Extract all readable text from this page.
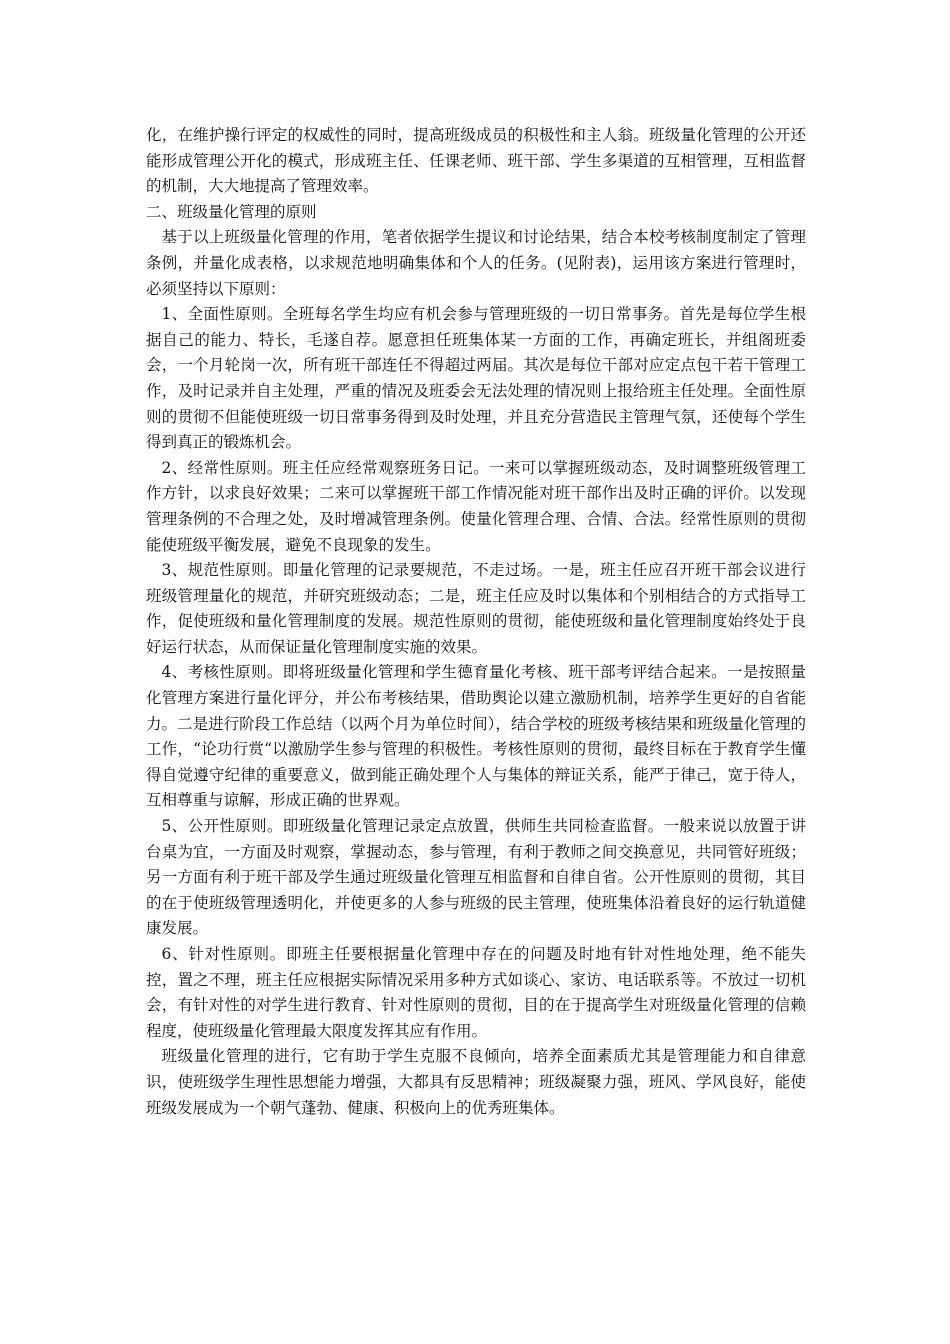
化，在维护操行评定的权威性的同时，提高班级成员的积极性和主人翁。班级量化管理的公开还能形成管理公开化的模式，形成班主任、任课老师、班干部、学生多渠道的互相管理，互相监督的机制，大大地提高了管理效率。

二、班级量化管理的原则

基于以上班级量化管理的作用，笔者依据学生提议和讨论结果，结合本校考核制度制定了管理条例，并量化成表格，以求规范地明确集体和个人的任务。(见附表)，运用该方案进行管理时，必须坚持以下原则：

1、全面性原则。全班每名学生均应有机会参与管理班级的一切日常事务。首先是每位学生根据自己的能力、特长，毛遂自荐。愿意担任班集体某一方面的工作，再确定班长，并组阁班委会，一个月轮岗一次，所有班干部连任不得超过两届。其次是每位干部对应定点包干若干管理工作，及时记录并自主处理，严重的情况及班委会无法处理的情况则上报给班主任处理。全面性原则的贯彻不但能使班级一切日常事务得到及时处理，并且充分营造民主管理气氛，还使每个学生得到真正的锻炼机会。

2、经常性原则。班主任应经常观察班务日记。一来可以掌握班级动态，及时调整班级管理工作方针，以求良好效果；二来可以掌握班干部工作情况能对班干部作出及时正确的评价。以发现管理条例的不合理之处，及时增减管理条例。使量化管理合理、合情、合法。经常性原则的贯彻能使班级平衡发展，避免不良现象的发生。

3、规范性原则。即量化管理的记录要规范，不走过场。一是，班主任应召开班干部会议进行班级管理量化的规范，并研究班级动态；二是，班主任应及时以集体和个别相结合的方式指导工作，促使班级和量化管理制度的发展。规范性原则的贯彻，能使班级和量化管理制度始终处于良好运行状态，从而保证量化管理制度实施的效果。

4、考核性原则。即将班级量化管理和学生德育量化考核、班干部考评结合起来。一是按照量化管理方案进行量化评分，并公布考核结果，借助舆论以建立激励机制，培养学生更好的自省能力。二是进行阶段工作总结（以两个月为单位时间），结合学校的班级考核结果和班级量化管理的工作，“论功行赏“以激励学生参与管理的积极性。考核性原则的贯彻，最终目标在于教育学生懂得自觉遵守纪律的重要意义，做到能正确处理个人与集体的辩证关系，能严于律己，宽于待人，互相尊重与谅解，形成正确的世界观。

5、公开性原则。即班级量化管理记录定点放置，供师生共同检查监督。一般来说以放置于讲台桌为宜，一方面及时观察，掌握动态，参与管理，有利于教师之间交换意见，共同管好班级；另一方面有利于班干部及学生通过班级量化管理互相监督和自律自省。公开性原则的贯彻，其目的在于使班级管理透明化，并使更多的人参与班级的民主管理，使班集体沿着良好的运行轨道健康发展。

6、针对性原则。即班主任要根据量化管理中存在的问题及时地有针对性地处理，绝不能失控，置之不理，班主任应根据实际情况采用多种方式如谈心、家访、电话联系等。不放过一切机会，有针对性的对学生进行教育、针对性原则的贯彻，目的在于提高学生对班级量化管理的信赖程度，使班级量化管理最大限度发挥其应有作用。

班级量化管理的进行，它有助于学生克服不良倾向，培养全面素质尤其是管理能力和自律意识，使班级学生理性思想能力增强，大都具有反思精神；班级凝聚力强，班风、学风良好，能使班级发展成为一个朝气蓬勃、健康、积极向上的优秀班集体。
